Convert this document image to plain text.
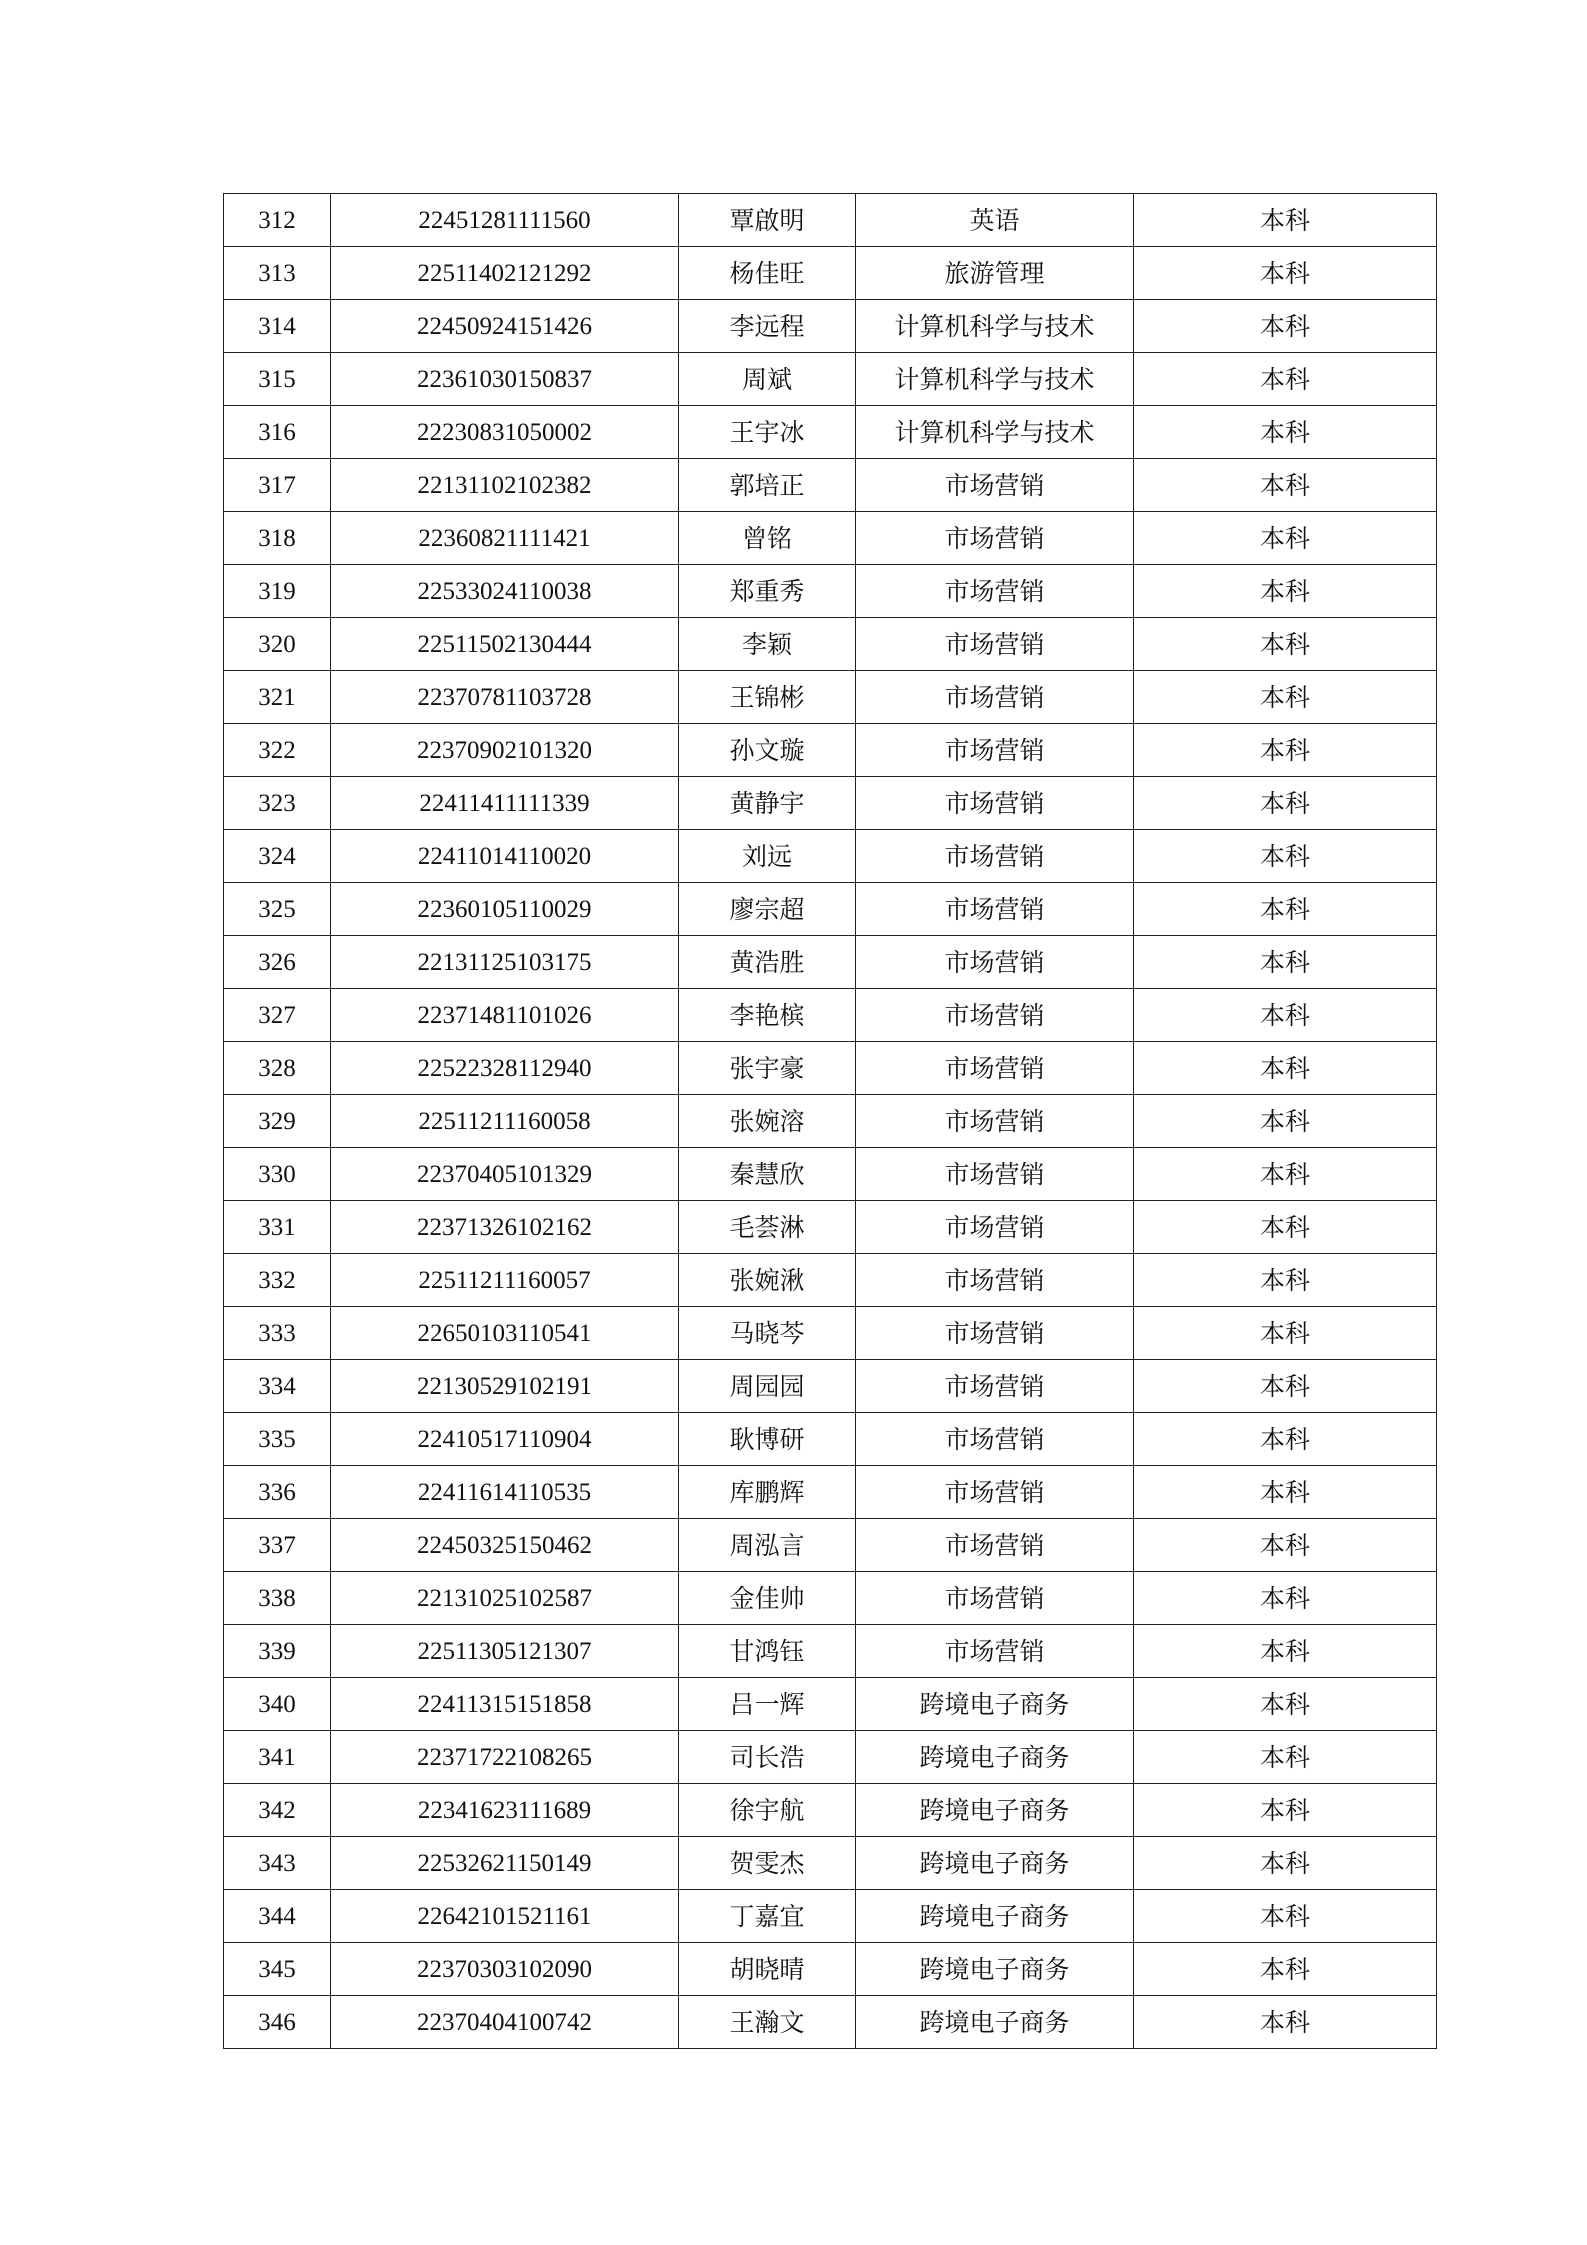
312	22451281111560	覃啟明	英语	本科
313	22511402121292	杨佳旺	旅游管理	本科
314	22450924151426	李远程	计算机科学与技术	本科
315	22361030150837	周斌	计算机科学与技术	本科
316	22230831050002	王宇冰	计算机科学与技术	本科
317	22131102102382	郭培正	市场营销	本科
318	22360821111421	曾铭	市场营销	本科
319	22533024110038	郑重秀	市场营销	本科
320	22511502130444	李颖	市场营销	本科
321	22370781103728	王锦彬	市场营销	本科
322	22370902101320	孙文璇	市场营销	本科
323	22411411111339	黄静宇	市场营销	本科
324	22411014110020	刘远	市场营销	本科
325	22360105110029	廖宗超	市场营销	本科
326	22131125103175	黄浩胜	市场营销	本科
327	22371481101026	李艳槟	市场营销	本科
328	22522328112940	张宇豪	市场营销	本科
329	22511211160058	张婉溶	市场营销	本科
330	22370405101329	秦慧欣	市场营销	本科
331	22371326102162	毛荟淋	市场营销	本科
332	22511211160057	张婉湫	市场营销	本科
333	22650103110541	马晓芩	市场营销	本科
334	22130529102191	周园园	市场营销	本科
335	22410517110904	耿博研	市场营销	本科
336	22411614110535	库鹏辉	市场营销	本科
337	22450325150462	周泓言	市场营销	本科
338	22131025102587	金佳帅	市场营销	本科
339	22511305121307	甘鸿钰	市场营销	本科
340	22411315151858	吕一辉	跨境电子商务	本科
341	22371722108265	司长浩	跨境电子商务	本科
342	22341623111689	徐宇航	跨境电子商务	本科
343	22532621150149	贺雯杰	跨境电子商务	本科
344	22642101521161	丁嘉宜	跨境电子商务	本科
345	22370303102090	胡晓晴	跨境电子商务	本科
346	22370404100742	王瀚文	跨境电子商务	本科
